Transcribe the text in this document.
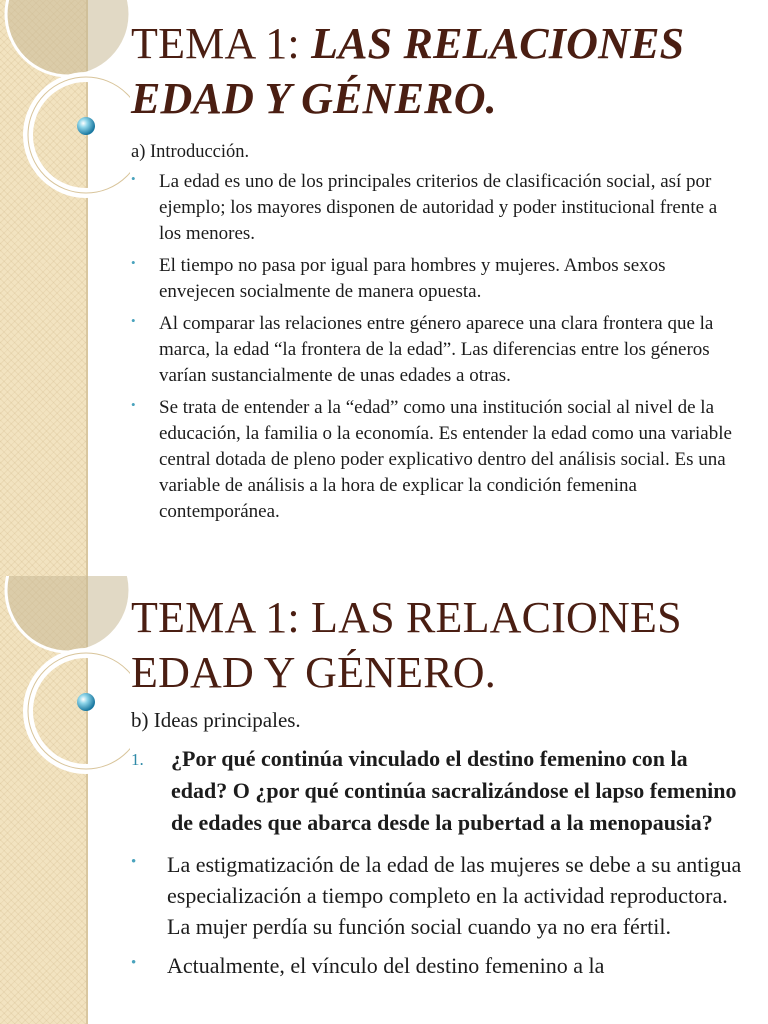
TEMA 1: LAS RELACIONES EDAD Y GÉNERO.

a) Introducción.

• La edad es uno de los principales criterios de clasificación social, así por ejemplo; los mayores disponen de autoridad y poder institucional frente a los menores.
• El tiempo no pasa por igual para hombres y mujeres. Ambos sexos envejecen socialmente de manera opuesta.
• Al comparar las relaciones entre género aparece una clara frontera que la marca, la edad “la frontera de la edad”. Las diferencias entre los géneros varían sustancialmente de unas edades a otras.
• Se trata de entender a la “edad” como una institución social al nivel de la educación, la familia o la economía. Es entender la edad como una variable central dotada de pleno poder explicativo dentro del análisis social. Es una variable de análisis a la hora de explicar la condición femenina contemporánea.
TEMA 1: LAS RELACIONES EDAD Y GÉNERO.

b) Ideas principales.

1. ¿Por qué continúa vinculado el destino femenino con la edad? O ¿por qué continúa sacralizándose el lapso femenino de edades que abarca desde la pubertad a la menopausia?
• La estigmatización de la edad de las mujeres se debe a su antigua especialización a tiempo completo en la actividad reproductora. La mujer perdía su función social cuando ya no era fértil.
• Actualmente, el vínculo del destino femenino a la
